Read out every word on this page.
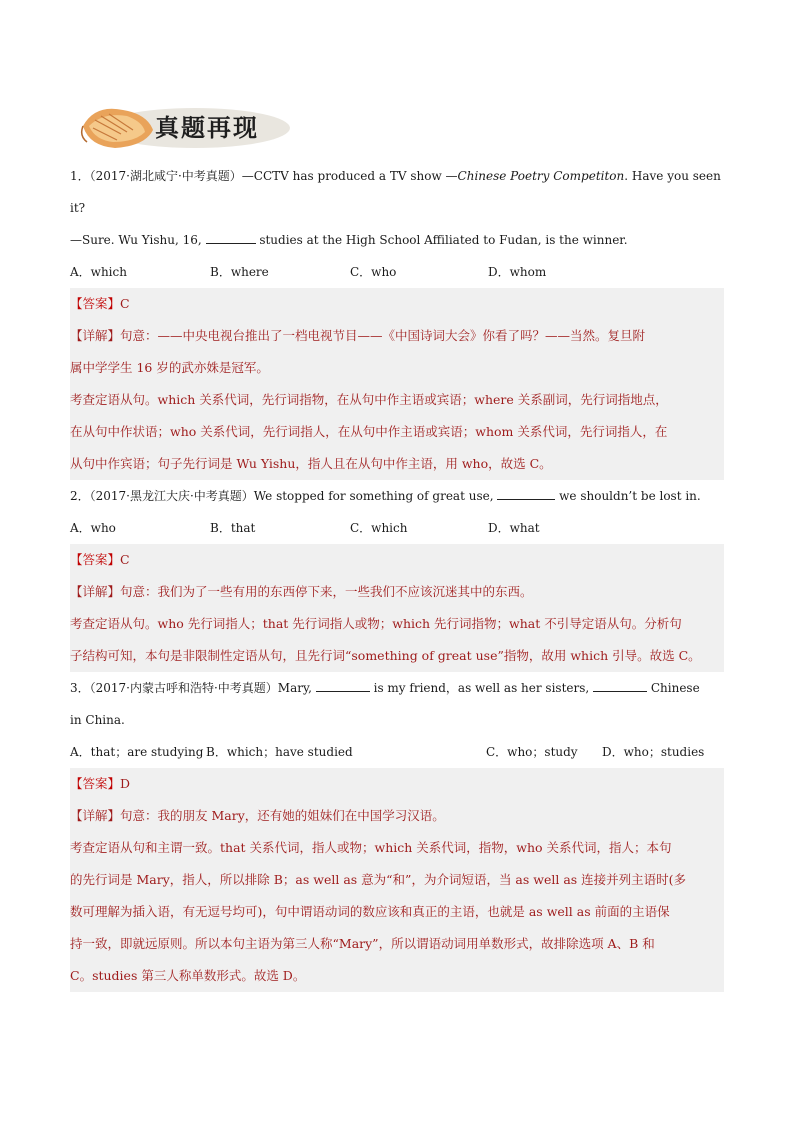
真题再现
1．（2017·湖北咸宁·中考真题）—CCTV has produced a TV show —Chinese Poetry Competiton. Have you seen
it?
—Sure. Wu Yishu, 16,	studies at the High School Affiliated to Fudan, is the winner.
A．which	B．where	C．who	D．whom
【答案】C
【详解】句意：——中央电视台推出了一档电视节目——《中国诗词大会》你看了吗？——当然。复旦附
属中学学生 16 岁的武亦姝是冠军。
考查定语从句。which 关系代词，先行词指物，在从句中作主语或宾语；where 关系副词，先行词指地点，
在从句中作状语；who 关系代词，先行词指人，在从句中作主语或宾语；whom 关系代词，先行词指人，在
从句中作宾语；句子先行词是 Wu Yishu，指人且在从句中作主语，用 who，故选 C。
2．（2017·黑龙江大庆·中考真题）We stopped for something of great use,	we shouldn’t be lost in.
A．who	B．that	C．which	D．what
【答案】C
【详解】句意：我们为了一些有用的东西停下来，一些我们不应该沉迷其中的东西。
考查定语从句。who 先行词指人；that 先行词指人或物；which 先行词指物；what 不引导定语从句。分析句
子结构可知，本句是非限制性定语从句，且先行词“something of great use”指物，故用 which 引导。故选 C。
3．（2017·内蒙古呼和浩特·中考真题）Mary,	is my friend，as well as her sisters,	Chinese
in China.
A．that；are studying B．which；have studied	C．who；study	D．who；studies
【答案】D
【详解】句意：我的朋友 Mary，还有她的姐妹们在中国学习汉语。
考查定语从句和主谓一致。that 关系代词，指人或物；which 关系代词，指物，who 关系代词，指人；本句
的先行词是 Mary，指人，所以排除 B；as well as 意为“和”，为介词短语，当 as well as 连接并列主语时(多
数可理解为插入语，有无逗号均可)，句中谓语动词的数应该和真正的主语，也就是 as well as 前面的主语保
持一致，即就远原则。所以本句主语为第三人称“Mary”，所以谓语动词用单数形式，故排除选项 A、B 和
C。studies 第三人称单数形式。故选 D。
